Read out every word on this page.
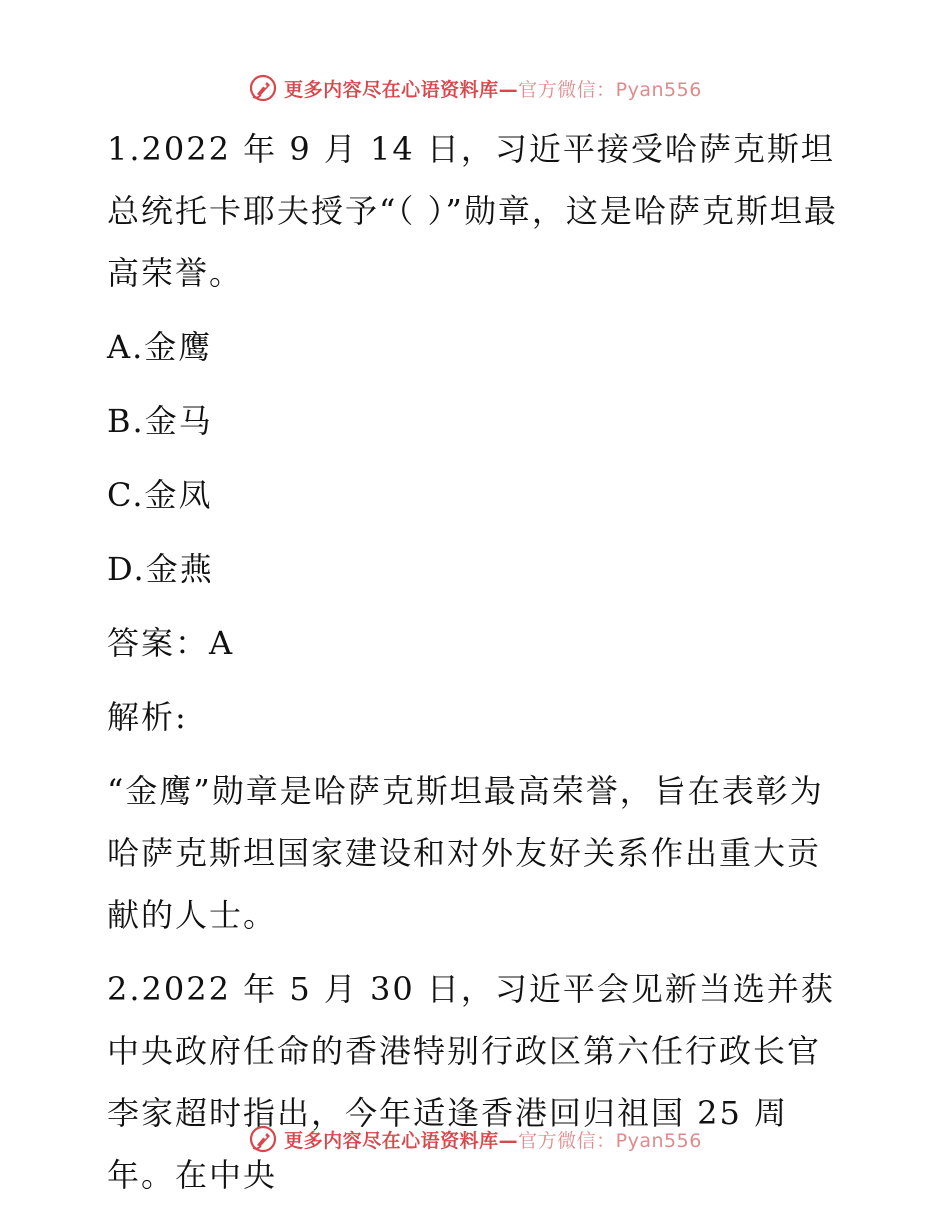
更多内容尽在心语资料库— 官方微信：Pyan556

1.2022 年 9 月 14 日，习近平接受哈萨克斯坦总统托卡耶夫授予“（ ）”勋章，这是哈萨克斯坦最高荣誉。

A.金鹰

B.金马

C.金凤

D.金燕

答案：A

解析:

“金鹰”勋章是哈萨克斯坦最高荣誉，旨在表彰为哈萨克斯坦国家建设和对外友好关系作出重大贡献的人士。

2.2022 年 5 月 30 日，习近平会见新当选并获中央政府任命的香港特别行政区第六任行政长官李家超时指出，今年适逢香港回归祖国 25 周年。在中央

更多内容尽在心语资料库— 官方微信：Pyan556
